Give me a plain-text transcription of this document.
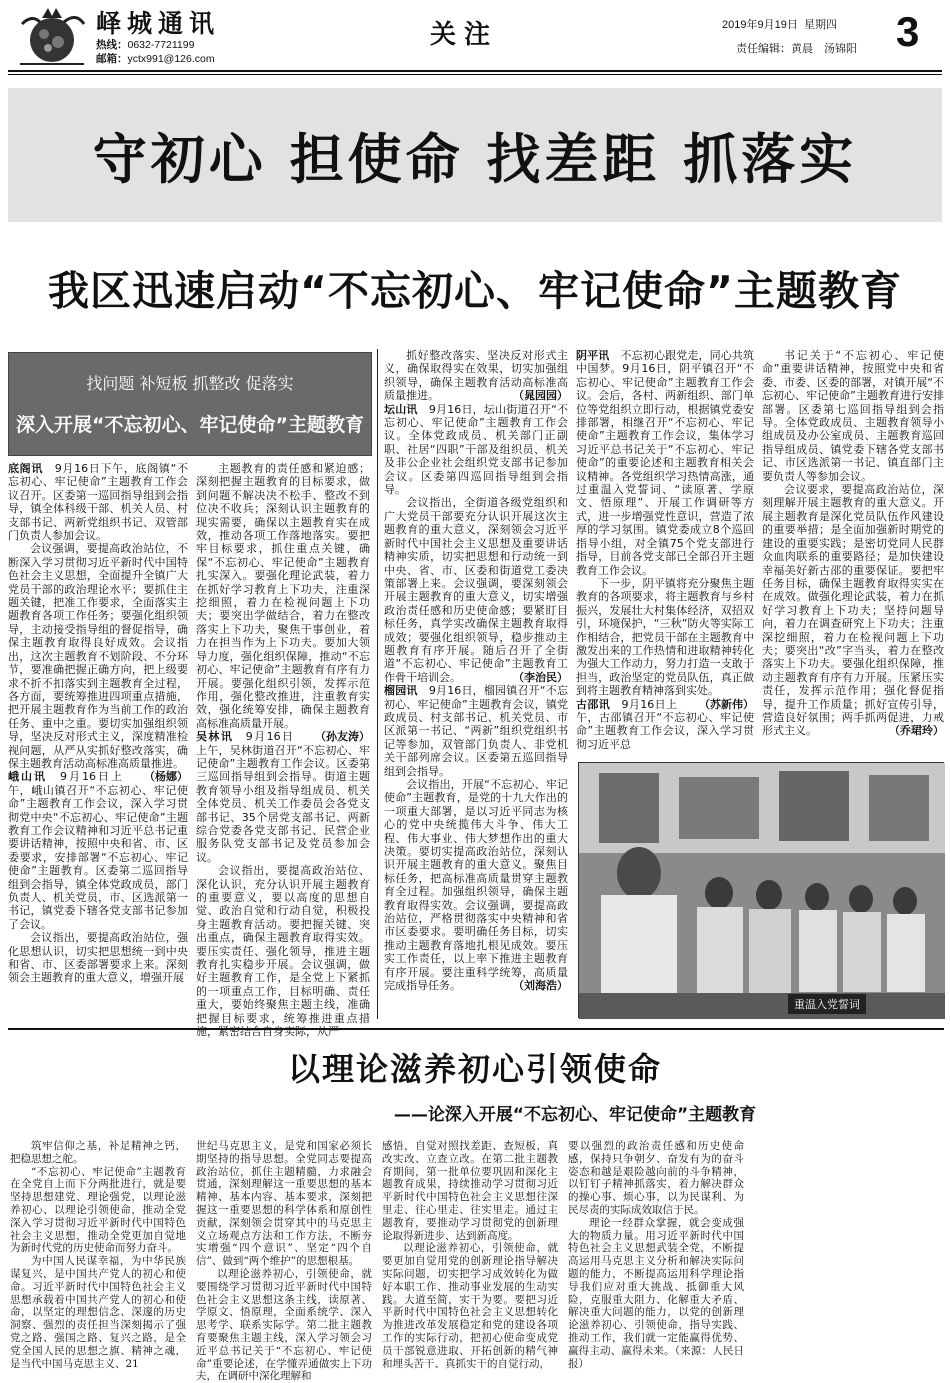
峄城通讯
热线：0632-7721199
邮箱：yctx991@126.com
关注	2019年9月19日 星期四
责任编辑：黄晨　汤锦阳 3
守初心 担使命 找差距 抓落实
我区迅速启动“不忘初心、牢记使命”主题教育
找问题 补短板 抓整改 促落实
深入开展“不忘初心、牢记使命”主题教育

底阁讯　9月16日下午，底阁镇“不忘初心、牢记使命”主题教育工作会议召开。区委第一巡回指导组到会指导，镇全体科级干部、机关人员、村支部书记、两新党组织书记、双管部门负责人参加会议。

会议强调，要提高政治站位，不断深入学习贯彻习近平新时代中国特色社会主义思想，全面提升全镇广大党员干部的政治理论水平；要抓住主题关键，把准工作要求，全面落实主题教育各项工作任务；要强化组织领导，主动接受指导组的督促指导，确保主题教育取得良好成效。会议指出，这次主题教育不划阶段、不分环节，要准确把握正确方向，把上级要求不折不扣落实到主题教育全过程，各方面，要统筹推进四项重点措施，把开展主题教育作为当前工作的政治任务、重中之重。要切实加强组织领导，坚决反对形式主义，深度精准检视问题，从严从实抓好整改落实，确保主题教育活动高标准高质量推进。
（杨娜）

峨山讯　9月16日上午，峨山镇召开“不忘初心、牢记使命”主题教育工作会议，深入学习贯彻党中央“不忘初心、牢记使命”主题教育工作会议精神和习近平总书记重要讲话精神，按照中央和省、市、区委要求，安排部署“不忘初心、牢记使命”主题教育。区委第二巡回指导组到会指导，镇全体党政成员，部门负责人、机关党员，市、区选派第一书记，镇党委下辖各党支部书记参加了会议。

会议指出，要提高政治站位，强化思想认识，切实把思想统一到中央和省、市、区委部署要求上来。深刻领会主题教育的重大意义，增强开展

主题教育的责任感和紧迫感；深刻把握主题教育的目标要求，做到问题不解决决不松手、整改不到位决不收兵；深刻认识主题教育的现实需要，确保以主题教育实在成效，推动各项工作落地落实。要把牢目标要求，抓住重点关键，确保“不忘初心、牢记使命”主题教育扎实深入。要强化理论武装，着力在抓好学习教育上下功夫，注重深挖细照，着力在检视问题上下功夫；要突出学做结合，着力在整改落实上下功夫，聚焦干事创业，着力在担当作为上下功夫。要加大领导力度，强化组织保障，推动“不忘初心、牢记使命”主题教育有序有力开展。要强化组织引领，发挥示范作用，强化整改推进，注重教育实效，强化统筹安排，确保主题教育高标准高质量开展。
（孙友涛）

吴林讯　9月16日上午，吴林街道召开“不忘初心、牢记使命”主题教育工作会议。区委第三巡回指导组到会指导。街道主题教育领导小组及指导组成员、机关全体党员、机关工作委员会各党支部书记、35个居党支部书记、两新综合党委各党支部书记、民营企业服务队党支部书记及党员参加会议。

会议指出，要提高政治站位、深化认识，充分认识开展主题教育的重要意义，要以高度的思想自觉、政治自觉和行动自觉，积极投身主题教育活动。要把握关键、突出重点，确保主题教育取得实效。要压实责任、强化领导，推进主题教育扎实稳步开展。会议强调，做好主题教育工作，是全党上下紧抓的一项重点工作，目标明确、责任重大，要始终聚焦主题主线，准确把握目标要求，统筹推进重点措施，紧密结合自身实际，从严

抓好整改落实、坚决反对形式主义，确保取得实在效果，切实加强组织领导，确保主题教育活动高标准高质量推进。	（晁园园）

坛山讯　9月16日，坛山街道召开“不忘初心、牢记使命”主题教育工作会议。全体党政成员、机关部门正副职、社居“四职”干部及组织员、机关及非公企业社会组织党支部书记参加会议。区委第四巡回指导组到会指导。

会议指出，全街道各级党组织和广大党员干部要充分认识开展这次主题教育的重大意义，深刻领会习近平新时代中国社会主义思想及重要讲话精神实质，切实把思想和行动统一到中央、省、市、区委和街道党工委决策部署上来。会议强调，要深刻领会开展主题教育的重大意义，切实增强政治责任感和历史使命感；要紧盯目标任务，真学实改确保主题教育取得成效；要强化组织领导，稳步推动主题教育有序开展。随后召开了全街道“不忘初心、牢记使命”主题教育工作骨干培训会。	（李治民）

榴园讯　9月16日，榴园镇召开“不忘初心、牢记使命”主题教育会议，镇党政成员、村支部书记、机关党员、市区派第一书记、“两新”组织党组织书记等参加，双管部门负责人、非党机关干部列席会议。区委第五巡回指导组到会指导。

会议指出，开展“不忘初心、牢记使命”主题教育，是党的十九大作出的一项重大部署，是以习近平同志为核心的党中央统揽伟大斗争、伟大工程、伟大事业、伟大梦想作出的重大决策。要切实提高政治站位，深刻认识开展主题教育的重大意义。聚焦目标任务，把高标准高质量贯穿主题教育全过程。加强组织领导，确保主题教育取得实效。会议强调，要提高政治站位，严格贯彻落实中央精神和省市区委要求。要明确任务目标，切实推动主题教育落地扎根见成效。要压实工作责任，以上率下推进主题教育有序开展。要注重科学统筹，高质量完成指导任务。	（刘海浩）

阴平讯　不忘初心跟党走，同心共筑中国梦。9月16日，阴平镇召开“不忘初心、牢记使命”主题教育工作会议。会后，各村、两新组织、部门单位等党组织立即行动，根据镇党委安排部署，相继召开“不忘初心、牢记使命”主题教育工作会议，集体学习习近平总书记关于“不忘初心、牢记使命”的重要论述和主题教育相关会议精神。各党组织学习热情高涨，通过重温入党誓词、“读原著、学原文、悟原理”、开展工作调研等方式，进一步增强党性意识，营造了浓厚的学习氛围。镇党委成立8个巡回指导小组，对全镇75个党支部进行指导，目前各党支部已全部召开主题教育工作会议。

下一步，阴平镇将充分聚焦主题教育的各项要求，将主题教育与乡村振兴，发展壮大村集体经济，双招双引，环境保护，“三秋”防火等实际工作相结合，把党员干部在主题教育中激发出来的工作热情和进取精神转化为强大工作动力，努力打造一支敢于担当，政治坚定的党员队伍，真正做到将主题教育精神落到实处。
（苏新伟）

古邵讯　9月16日上午，古邵镇召开“不忘初心、牢记使命”主题教育工作会议，深入学习贯彻习近平总

书记关于“不忘初心、牢记使命”重要讲话精神，按照党中央和省委、市委、区委的部署，对镇开展“不忘初心、牢记使命”主题教育进行安排部署。区委第七巡回指导组到会指导。全体党政成员、主题教育领导小组成员及办公室成员、主题教育巡回指导组成员、镇党委下辖各党支部书记、市区选派第一书记、镇直部门主要负责人等参加会议。

会议要求，要提高政治站位，深刻理解开展主题教育的重大意义。开展主题教育是深化党员队伍作风建设的重要举措；是全面加强新时期党的建设的重要实践；是密切党同人民群众血肉联系的重要路径；是加快建设幸福美好新古邵的重要保证。要把牢任务目标，确保主题教育取得实实在在成效。做强化理论武装，着力在抓好学习教育上下功夫；坚持问题导向，着力在调查研究上下功夫；注重深挖细照，着力在检视问题上下功夫；要突出“改”字当头，着力在整改落实上下功夫。要强化组织保障，推动主题教育有序有力开展。压紧压实责任，发挥示范作用；强化督促指导，提升工作质量；抓好宣传引导，营造良好氛围；两手抓两促进，力戒形式主义。	（乔珺玲）

重温入党誓词
以理论滋养初心引领使命
——论深入开展“不忘初心、牢记使命”主题教育

筑牢信仰之基，补足精神之钙，把稳思想之舵。

“不忘初心、牢记使命”主题教育在全党自上而下分两批进行，就是要坚持思想建党、理论强党，以理论滋养初心、以理论引领使命，推动全党深入学习贯彻习近平新时代中国特色社会主义思想，推动全党更加自觉地为新时代党的历史使命而努力奋斗。

为中国人民谋幸福，为中华民族谋复兴，是中国共产党人的初心和使命。习近平新时代中国特色社会主义思想承载着中国共产党人的初心和使命，以坚定的理想信念、深邃的历史洞察、强烈的责任担当深刻揭示了强党之路、强国之路、复兴之路，是全党全国人民的思想之旗、精神之魂，是当代中国马克思主义、21

世纪马克思主义，是党和国家必须长期坚持的指导思想。全党同志要提高政治站位，抓住主题精髓，力求融会贯通，深刻理解这一重要思想的基本精神、基本内容、基本要求，深刻把握这一重要思想的科学体系和原创性贡献，深刻领会贯穿其中的马克思主义立场观点方法和工作方法，不断夯实增强“四个意识”、坚定“四个自信”、做到“两个维护”的思想根基。

以理论滋养初心，引领使命，就要围绕学习贯彻习近平新时代中国特色社会主义思想这条主线，读原著、学原文、悟原理，全面系统学、深入思考学、联系实际学。第二批主题教育要聚焦主题主线，深入学习领会习近平总书记关于“不忘初心、牢记使命”重要论述，在学懂弄通做实上下功夫，在调研中深化理解和

感悟，自觉对照找差距、查短板，真改实改、立查立改。在第二批主题教育期间，第一批单位要巩固和深化主题教育成果，持续推动学习贯彻习近平新时代中国特色社会主义思想往深里走、往心里走、往实里走。通过主题教育，要推动学习贯彻党的创新理论取得新进步、达到新高度。

以理论滋养初心，引领使命，就要更加自觉用党的创新理论指导解决实际问题，切实把学习成效转化为做好本职工作、推动事业发展的生动实践。大道至简，实干为要。要把习近平新时代中国特色社会主义思想转化为推进改革发展稳定和党的建设各项工作的实际行动，把初心使命变成党员干部锐意进取、开拓创新的精气神和埋头苦干、真抓实干的自觉行动，

要以强烈的政治责任感和历史使命感，保持只争朝夕、奋发有为的奋斗姿态和越是艰险越向前的斗争精神，以钉钉子精神抓落实，着力解决群众的操心事、烦心事，以为民谋利、为民尽责的实际成效取信于民。

理论一经群众掌握，就会变成强大的物质力量。用习近平新时代中国特色社会主义思想武装全党，不断提高运用马克思主义分析和解决实际问题的能力，不断提高运用科学理论指导我们应对重大挑战、抵御重大风险，克服重大阻力、化解重大矛盾、解决重大问题的能力，以党的创新理论滋养初心、引领使命，指导实践、推动工作，我们就一定能赢得优势、赢得主动、赢得未来。（来源：人民日报）
